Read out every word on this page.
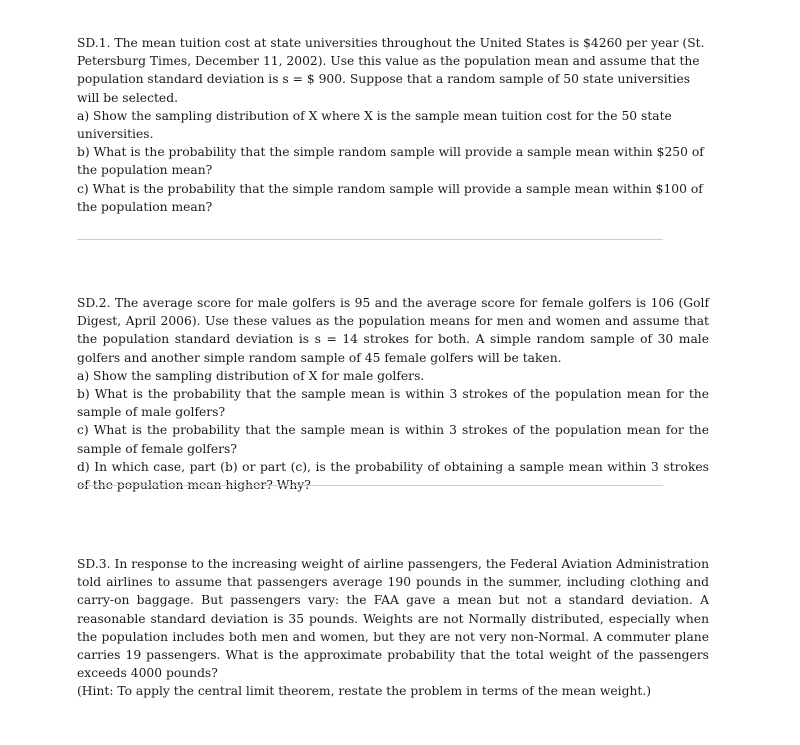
SD.1. The mean tuition cost at state universities throughout the United States is $4260 per year (St. Petersburg Times, December 11, 2002). Use this value as the population mean and assume that the population standard deviation is s = $ 900. Suppose that a random sample of 50 state universities will be selected.

a) Show the sampling distribution of X where X is the sample mean tuition cost for the 50 state universities.

b) What is the probability that the simple random sample will provide a sample mean within $250 of the population mean?

c) What is the probability that the simple random sample will provide a sample mean within $100 of the population mean?

SD.2. The average score for male golfers is 95 and the average score for female golfers is 106 (Golf Digest, April 2006). Use these values as the population means for men and women and assume that the population standard deviation is s = 14 strokes for both. A simple random sample of 30 male golfers and another simple random sample of 45 female golfers will be taken.

a) Show the sampling distribution of X for male golfers.

b) What is the probability that the sample mean is within 3 strokes of the population mean for the sample of male golfers?

c) What is the probability that the sample mean is within 3 strokes of the population mean for the sample of female golfers?

d) In which case, part (b) or part (c), is the probability of obtaining a sample mean within 3 strokes of the population mean higher? Why?

SD.3. In response to the increasing weight of airline passengers, the Federal Aviation Administration told airlines to assume that passengers average 190 pounds in the summer, including clothing and carry-on baggage. But passengers vary: the FAA gave a mean but not a standard deviation. A reasonable standard deviation is 35 pounds. Weights are not Normally distributed, especially when the population includes both men and women, but they are not very non-Normal. A commuter plane carries 19 passengers. What is the approximate probability that the total weight of the passengers exceeds 4000 pounds?

(Hint: To apply the central limit theorem, restate the problem in terms of the mean weight.)
